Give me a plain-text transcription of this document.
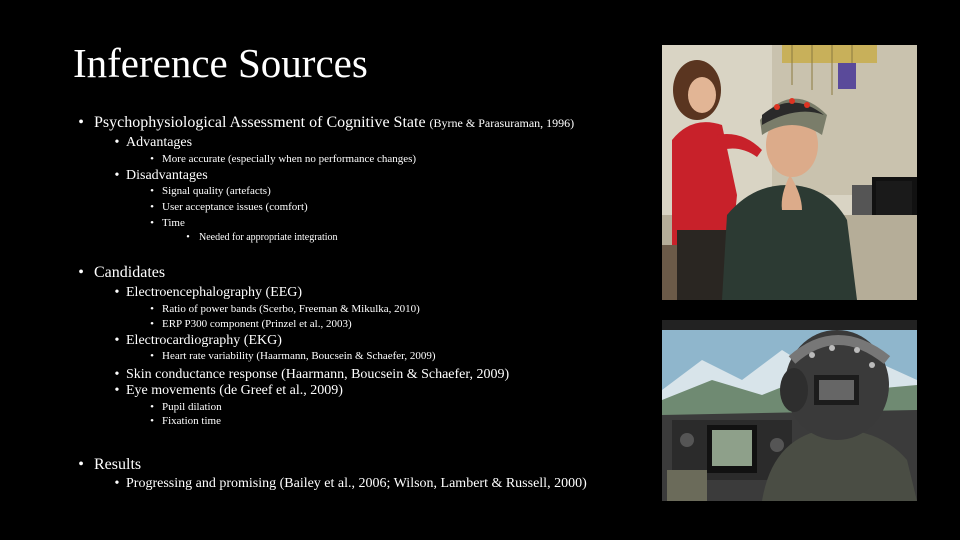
Inference Sources
• Psychophysiological Assessment of Cognitive State (Byrne & Parasuraman, 1996)
• Advantages
• More accurate (especially when no performance changes)
• Disadvantages
• Signal quality (artefacts)
• User acceptance issues (comfort)
• Time
• Needed for appropriate integration
• Candidates
• Electroencephalography (EEG)
• Ratio of power bands (Scerbo, Freeman & Mikulka, 2010)
• ERP P300 component (Prinzel et al., 2003)
• Electrocardiography (EKG)
• Heart rate variability (Haarmann, Boucsein & Schaefer, 2009)
• Skin conductance response (Haarmann, Boucsein & Schaefer, 2009)
• Eye movements (de Greef et al., 2009)
• Pupil dilation
• Fixation time
• Results
• Progressing and promising (Bailey et al., 2006; Wilson, Lambert & Russell, 2000)
